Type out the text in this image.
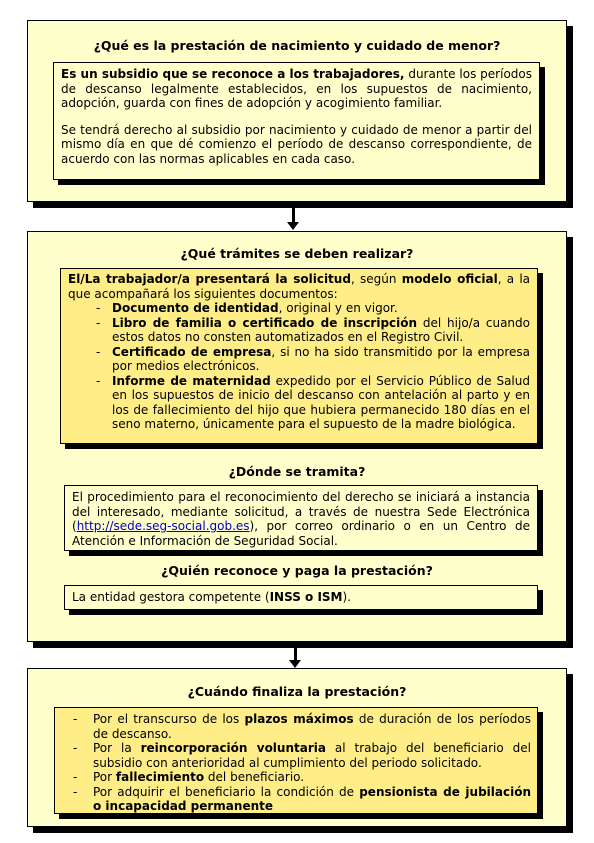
¿Qué es la prestación de nacimiento y cuidado de menor?

Es un subsidio que se reconoce a los trabajadores, durante los períodos de descanso legalmente establecidos, en los supuestos de nacimiento, adopción, guarda con fines de adopción y acogimiento familiar.

Se tendrá derecho al subsidio por nacimiento y cuidado de menor a partir del mismo día en que dé comienzo el período de descanso correspondiente, de acuerdo con las normas aplicables en cada caso.

¿Qué trámites se deben realizar?
El/La trabajador/a presentará la solicitud, según modelo oficial, a la que acompañará los siguientes documentos:
- Documento de identidad, original y en vigor.
- Libro de familia o certificado de inscripción del hijo/a cuando estos datos no consten automatizados en el Registro Civil.
- Certificado de empresa, si no ha sido transmitido por la empresa por medios electrónicos.
- Informe de maternidad expedido por el Servicio Público de Salud en los supuestos de inicio del descanso con antelación al parto y en los de fallecimiento del hijo que hubiera permanecido 180 días en el seno materno, únicamente para el supuesto de la madre biológica.
¿Dónde se tramita?
El procedimiento para el reconocimiento del derecho se iniciará a instancia del interesado, mediante solicitud, a través de nuestra Sede Electrónica (http://sede.seg-social.gob.es), por correo ordinario o en un Centro de Atención e Información de Seguridad Social.
¿Quién reconoce y paga la prestación?
La entidad gestora competente (INSS o ISM).
¿Cuándo finaliza la prestación?
- Por el transcurso de los plazos máximos de duración de los períodos de descanso.
- Por la reincorporación voluntaria al trabajo del beneficiario del subsidio con anterioridad al cumplimiento del periodo solicitado.
- Por fallecimiento del beneficiario.
- Por adquirir el beneficiario la condición de pensionista de jubilación o incapacidad permanente
